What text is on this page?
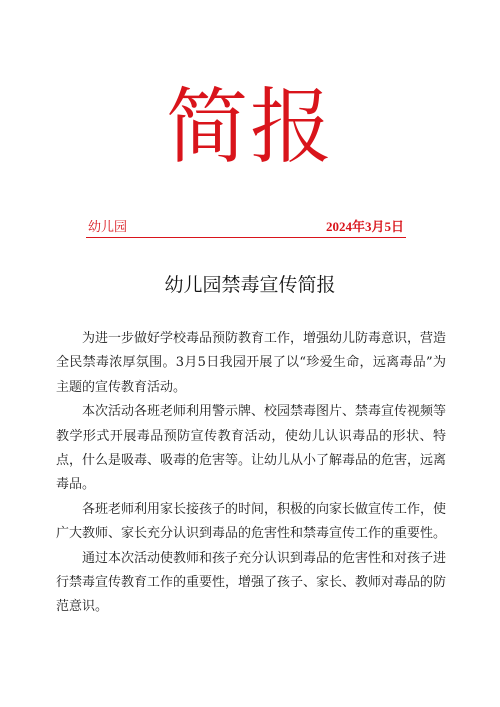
简报
幼儿园	2024年3月5日
幼儿园禁毒宣传简报

为进一步做好学校毒品预防教育工作，增强幼儿防毒意识，营造全民禁毒浓厚氛围。3月5日我园开展了以“珍爱生命，远离毒品”为主题的宣传教育活动。

本次活动各班老师利用警示牌、校园禁毒图片、禁毒宣传视频等教学形式开展毒品预防宣传教育活动，使幼儿认识毒品的形状、特点，什么是吸毒、吸毒的危害等。让幼儿从小了解毒品的危害，远离毒品。

各班老师利用家长接孩子的时间，积极的向家长做宣传工作，使广大教师、家长充分认识到毒品的危害性和禁毒宣传工作的重要性。

通过本次活动使教师和孩子充分认识到毒品的危害性和对孩子进行禁毒宣传教育工作的重要性，增强了孩子、家长、教师对毒品的防范意识。
